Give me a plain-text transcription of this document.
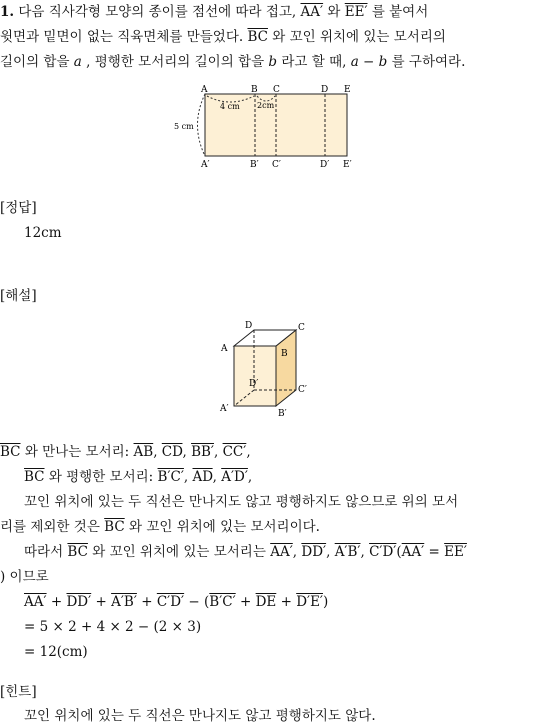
1. 다음 직사각형 모양의 종이를 점선에 따라 접고, AA′ 와 EE′ 를 붙여서
윗면과 밑면이 없는 직육면체를 만들었다. $\overline{BC}$ 와 꼬인 위치에 있는 모서리의
길이의 합을 a , 평행한 모서리의 길이의 합을 b 라고 할 때, a − b 를 구하여라.
A	B C	D E
A′	B′ C′	D′ E′
5 cm
4 cm 2cm
[정답]
12cm
[해설]
A	B
C
D
A′	B′
C′
D′
$\overline{BC}$ 와 만나는 모서리: $\overline{AB}$, $\overline{CD}$, BB′, CC′,
$\overline{BC}$ 와 평행한 모서리: B′C′, $\overline{AD}$, A′D′,
꼬인 위치에 있는 두 직선은 만나지도 않고 평행하지도 않으므로 위의 모서
리를 제외한 것은 $\overline{BC}$ 와 꼬인 위치에 있는 모서리이다.
따라서 $\overline{BC}$ 와 꼬인 위치에 있는 모서리는 AA′, DD′, A′B′, C′D′(AA′ = EE′
) 이므로
$AA' + DD' + A'B' + C'D' - (B'C' + \overline{DE} + D'E')$
= 5 × 2 + 4 × 2 − (2 × 3)
= 12(cm)
[힌트]
꼬인 위치에 있는 두 직선은 만나지도 않고 평행하지도 않다.
